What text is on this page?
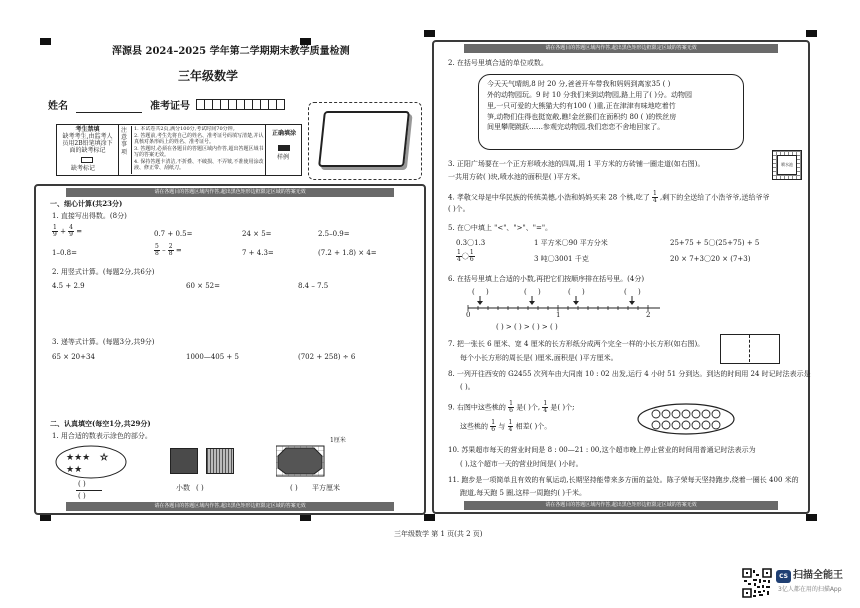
浑源县 2024–2025 学年第二学期期末教学质量检测
三年级数学
姓名	准考证号
考生禁填
缺考考生,由监考人员用2B铅笔填涂下面的缺考标记
缺考标记
注意事项
1. 本试卷共2页,满分100分,考试时间70分钟。
2. 答题前,考生先将自己的姓名、准考证号码填写清楚,并认真核对条形码上的姓名、准考证号。
3. 答题时,必须在各题目的答题区域内作答,超出答题区域书写的答案无效。
4. 保持答题卡清洁,不折叠、不破损、不弄皱,不准使用涂改液、修正带、刮纸刀。
正确填涂
样例
请在各题目的答题区域内作答,超出黑色矩形边框限定区域的答案无效
一、细心计算(共23分)
1. 直接写出得数。(8分)
$\frac{1}{9} + \frac{4}{9}$ =	0.7 + 0.5=	24 × 5=	2.5–0.9=
1–0.8=	$\frac{5}{8} - \frac{2}{8}$ =	7 + 4.3=	(7.2 + 1.8) × 4=
2. 用竖式计算。(每题2分,共6分)
4.5 + 2.9	60 × 52=	8.4 – 7.5
3. 递等式计算。(每题3分,共9分)
65 × 20+34	1000—405 + 5	(702 + 258) ÷ 6
二、认真填空(每空1分,共29分)
1. 用合适的数表示涂色的部分。
★★★
★★
☆
( )
( )
小数 ( )
1厘米
( ) 平方厘米
请在各题目的答题区域内作答,超出黑色矩形边框限定区域的答案无效
请在各题目的答题区域内作答,超出黑色矩形边框限定区域的答案无效
2. 在括号里填合适的单位或数。
今天天气晴朗,8 时 20 分,爸爸开车带我和妈妈到离家35 ( )
外的动物园玩。9 时 10 分我们来到动物园,路上用了( )分。动物园
里,一只可爱的大熊猫大约有100 ( )重,正在津津有味地吃着竹
笋,动物们住得也挺宽敞,瞧!金丝猴们在面积约 80 ( )的铁丝房
间里攀爬跳跃……参观完动物园,我们恋恋不舍地回家了。
3. 正阳广场要在一个正方形喷水池的四周,用 1 平方米的方砖铺一圈走道(如右图)。
一共用方砖( )块,喷水池的面积是( )平方米。
喷水池
4. 孝敬父母是中华民族的传统美德,小浩和妈妈买来 28 个桃,吃了 $\frac{1}{4}$ ,剩下的全送给了小浩爷爷,送给爷爷
( )个。
5. 在〇中填上 "<"、">"、"="。
0.3〇1.3	1 平方米〇90 平方分米	25+75 + 5〇(25+75) + 5
$\frac{1}{4}$ 〇 $\frac{1}{6}$	3 吨〇3001 千克	20 × 7+3〇20 × (7+3)
6. 在括号里填上合适的小数,再把它们按顺序排在括号里。(4分)
( )	( )	( )	( )
0	1	2
( ) > ( ) > ( ) > ( )
7. 把一张长 6 厘米、宽 4 厘米的长方形纸分成两个完全一样的小长方形(如右图)。
每个小长方形的周长是( )厘米,面积是( )平方厘米。
8. 一列开往西安的 G2455 次列车由大同南 10 : 02 出发,运行 4 小时 51 分到达。到达的时间用 24 时记时法表示是
( )。
9. 右图中这些桃的 $\frac{1}{6}$ 是( )个, $\frac{1}{4}$ 是( )个;
这些桃的 $\frac{1}{6}$ 与 $\frac{1}{4}$ 相差( )个。
10. 苏果超市每天的营业时间是 8 : 00—21 : 00,这个超市晚上停止营业的时间用普通记时法表示为
( ),这个超市一天的营业时间是( )小时。
11. 跑步是一项简单且有效的有氧运动,长期坚持能带来多方面的益处。陈子荣每天坚持跑步,绕着一圈长 400 米的
跑道,每天跑 5 圈,这样一周跑约( )千米。
请在各题目的答题区域内作答,超出黑色矩形边框限定区域的答案无效
三年级数学 第 1 页(共 2 页)
CS 扫描全能王
3亿人都在用的扫描App
